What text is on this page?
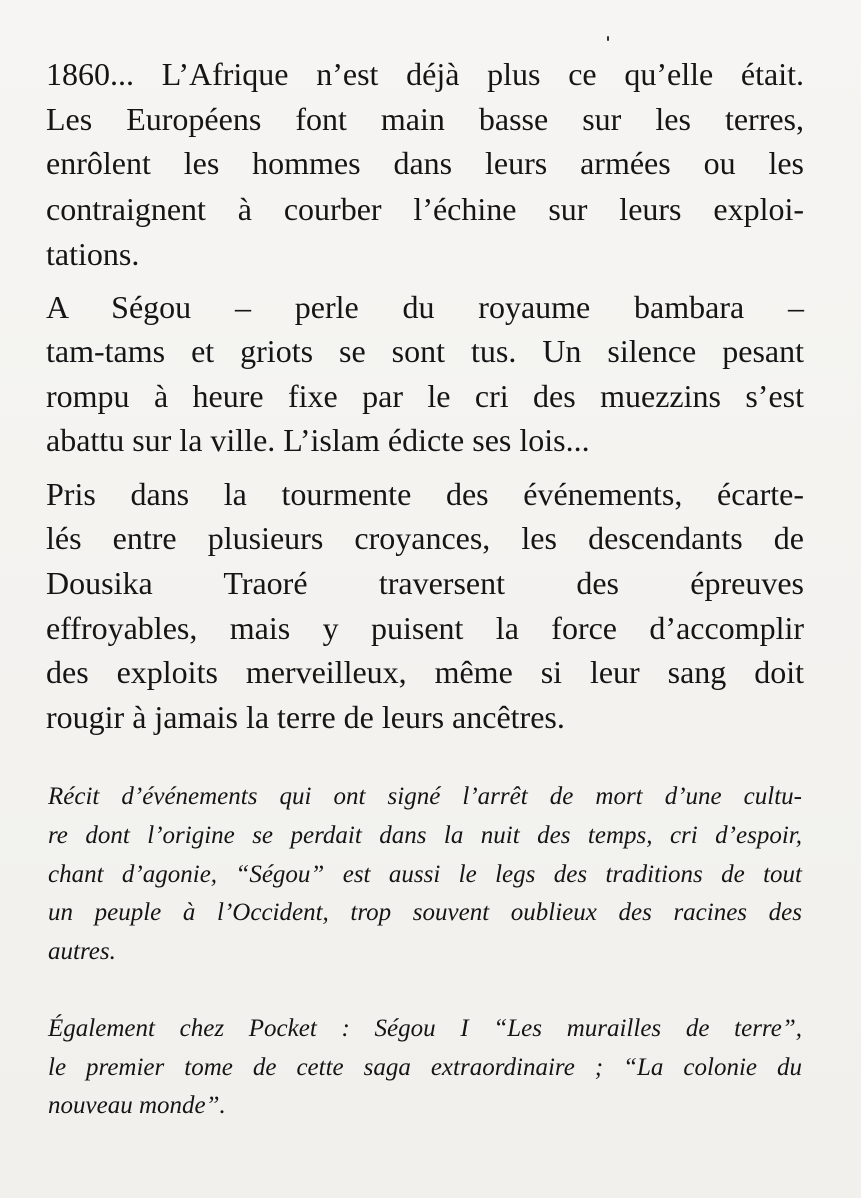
1860... L’Afrique n’est déjà plus ce qu’elle était.
Les Européens font main basse sur les terres,
enrôlent les hommes dans leurs armées ou les
contraignent à courber l’échine sur leurs exploi-
tations.
A Ségou – perle du royaume bambara –
tam-tams et griots se sont tus. Un silence pesant
rompu à heure fixe par le cri des muezzins s’est
abattu sur la ville. L’islam édicte ses lois...
Pris dans la tourmente des événements, écarte-
lés entre plusieurs croyances, les descendants de
Dousika Traoré traversent des épreuves
effroyables, mais y puisent la force d’accomplir
des exploits merveilleux, même si leur sang doit
rougir à jamais la terre de leurs ancêtres.
Récit d’événements qui ont signé l’arrêt de mort d’une cultu-
re dont l’origine se perdait dans la nuit des temps, cri d’espoir,
chant d’agonie, “Ségou” est aussi le legs des traditions de tout
un peuple à l’Occident, trop souvent oublieux des racines des
autres.
Également chez Pocket : Ségou I “Les murailles de terre”,
le premier tome de cette saga extraordinaire ; “La colonie du
nouveau monde”.
